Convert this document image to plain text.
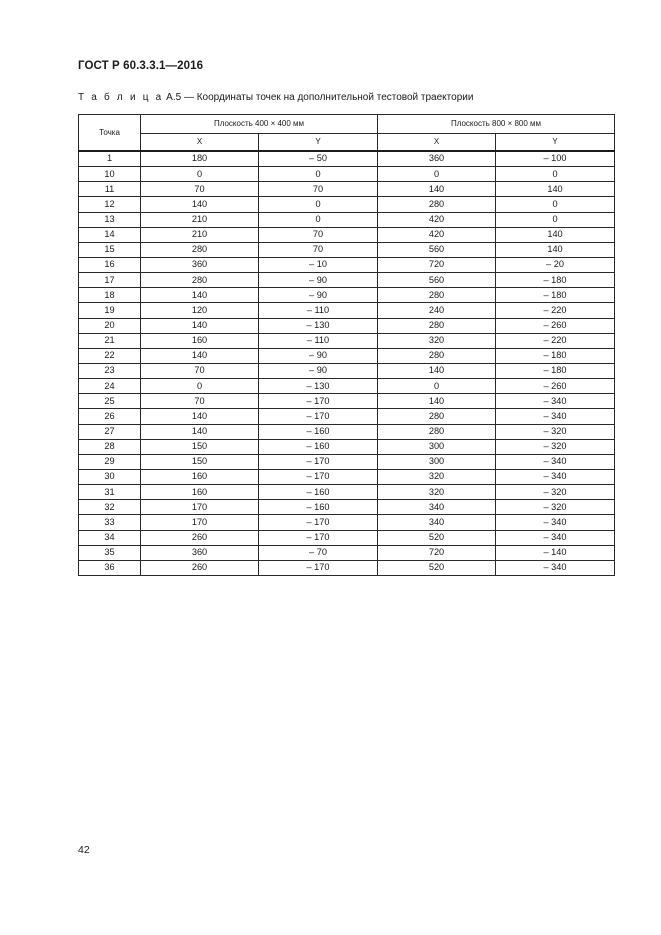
ГОСТ Р 60.3.3.1—2016
Т а б л и ц а А.5 — Координаты точек на дополнительной тестовой траектории
Точка	Плоскость 400 × 400 мм		Плоскость 800 × 800 мм	
	X	Y	X	Y
1	180	– 50	360	– 100
10	0	0	0	0
11	70	70	140	140
12	140	0	280	0
13	210	0	420	0
14	210	70	420	140
15	280	70	560	140
16	360	– 10	720	– 20
17	280	– 90	560	– 180
18	140	– 90	280	– 180
19	120	– 110	240	– 220
20	140	– 130	280	– 260
21	160	– 110	320	– 220
22	140	– 90	280	– 180
23	70	– 90	140	– 180
24	0	– 130	0	– 260
25	70	– 170	140	– 340
26	140	– 170	280	– 340
27	140	– 160	280	– 320
28	150	– 160	300	– 320
29	150	– 170	300	– 340
30	160	– 170	320	– 340
31	160	– 160	320	– 320
32	170	– 160	340	– 320
33	170	– 170	340	– 340
34	260	– 170	520	– 340
35	360	– 70	720	– 140
36	260	– 170	520	– 340
42
